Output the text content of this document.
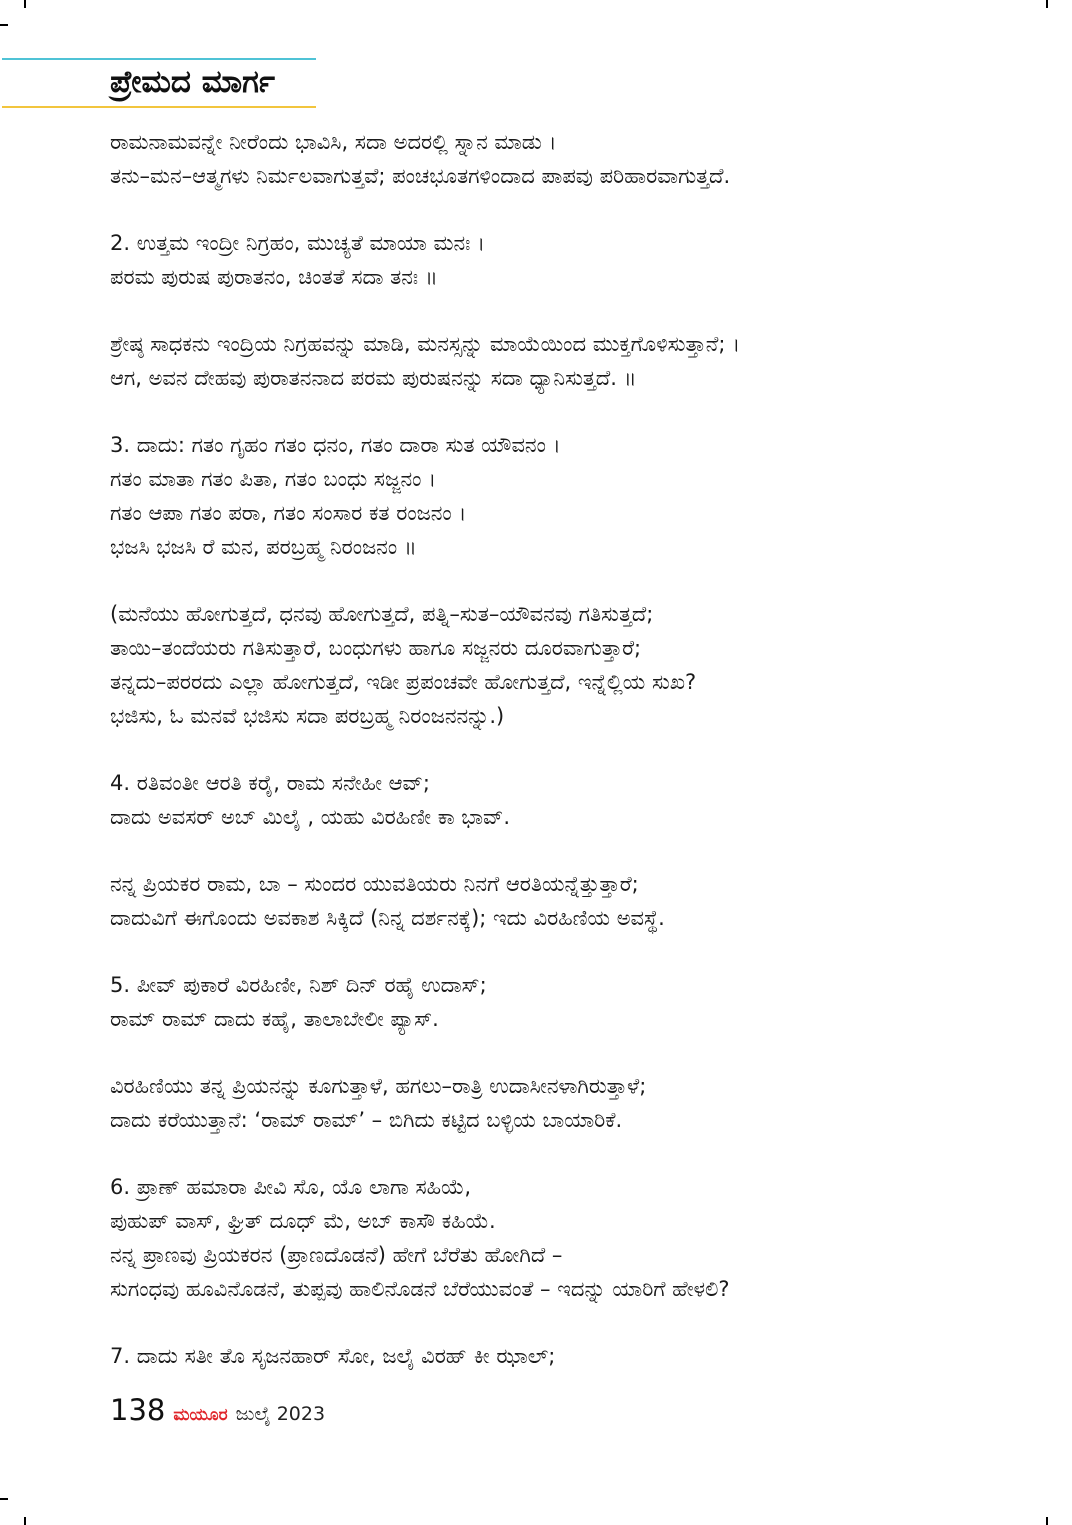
ಪ್ರೇಮದ ಮಾರ್ಗ
ರಾಮನಾಮವನ್ನೇ ನೀರೆಂದು ಭಾವಿಸಿ, ಸದಾ ಅದರಲ್ಲಿ ಸ್ನಾನ ಮಾಡು ।
ತನು–ಮನ–ಆತ್ಮಗಳು ನಿರ್ಮಲವಾಗುತ್ತವೆ; ಪಂಚಭೂತಗಳಿಂದಾದ ಪಾಪವು ಪರಿಹಾರವಾಗುತ್ತದೆ.
2. ಉತ್ತಮ ಇಂದ್ರೀ ನಿಗ್ರಹಂ, ಮುಚ್ಯತೆ ಮಾಯಾ ಮನಃ ।
ಪರಮ ಪುರುಷ ಪುರಾತನಂ, ಚಿಂತತೆ ಸದಾ ತನಃ ॥
ಶ್ರೇಷ್ಠ ಸಾಧಕನು ಇಂದ್ರಿಯ ನಿಗ್ರಹವನ್ನು ಮಾಡಿ, ಮನಸ್ಸನ್ನು ಮಾಯೆಯಿಂದ ಮುಕ್ತಗೊಳಿಸುತ್ತಾನೆ; ।
ಆಗ, ಅವನ ದೇಹವು ಪುರಾತನನಾದ ಪರಮ ಪುರುಷನನ್ನು ಸದಾ ಧ್ಯಾನಿಸುತ್ತದೆ. ॥
3. ದಾದು: ಗತಂ ಗೃಹಂ ಗತಂ ಧನಂ, ಗತಂ ದಾರಾ ಸುತ ಯೌವನಂ ।
ಗತಂ ಮಾತಾ ಗತಂ ಪಿತಾ, ಗತಂ ಬಂಧು ಸಜ್ಜನಂ ।
ಗತಂ ಆಪಾ ಗತಂ ಪರಾ, ಗತಂ ಸಂಸಾರ ಕತ ರಂಜನಂ ।
ಭಜಸಿ ಭಜಸಿ ರೆ ಮನ, ಪರಬ್ರಹ್ಮ ನಿರಂಜನಂ ॥
(ಮನೆಯು ಹೋಗುತ್ತದೆ, ಧನವು ಹೋಗುತ್ತದೆ, ಪತ್ನಿ–ಸುತ–ಯೌವನವು ಗತಿಸುತ್ತದೆ;
ತಾಯಿ–ತಂದೆಯರು ಗತಿಸುತ್ತಾರೆ, ಬಂಧುಗಳು ಹಾಗೂ ಸಜ್ಜನರು ದೂರವಾಗುತ್ತಾರೆ;
ತನ್ನದು–ಪರರದು ಎಲ್ಲಾ ಹೋಗುತ್ತದೆ, ಇಡೀ ಪ್ರಪಂಚವೇ ಹೋಗುತ್ತದೆ, ಇನ್ನೆಲ್ಲಿಯ ಸುಖ?
ಭಜಿಸು, ಓ ಮನವೆ ಭಜಿಸು ಸದಾ ಪರಬ್ರಹ್ಮ ನಿರಂಜನನನ್ನು.)
4. ರತಿವಂತೀ ಆರತಿ ಕರೈ, ರಾಮ ಸನೇಹೀ ಆವ್;
ದಾದು ಅವಸರ್ ಅಬ್ ಮಿಲೈ , ಯಹು ವಿರಹಿಣೀ ಕಾ ಭಾವ್.
ನನ್ನ ಪ್ರಿಯಕರ ರಾಮ, ಬಾ – ಸುಂದರ ಯುವತಿಯರು ನಿನಗೆ ಆರತಿಯನ್ನೆತ್ತುತ್ತಾರೆ;
ದಾದುವಿಗೆ ಈಗೊಂದು ಅವಕಾಶ ಸಿಕ್ಕಿದೆ (ನಿನ್ನ ದರ್ಶನಕ್ಕೆ); ಇದು ವಿರಹಿಣಿಯ ಅವಸ್ಥೆ.
5. ಪೀವ್ ಪುಕಾರೆ ವಿರಹಿಣೀ, ನಿಶ್ ದಿನ್ ರಹೈ ಉದಾಸ್;
ರಾಮ್ ರಾಮ್ ದಾದು ಕಹೈ, ತಾಲಾಬೇಲೀ ಪ್ಯಾಸ್.
ವಿರಹಿಣಿಯು ತನ್ನ ಪ್ರಿಯನನ್ನು ಕೂಗುತ್ತಾಳೆ, ಹಗಲು–ರಾತ್ರಿ ಉದಾಸೀನಳಾಗಿರುತ್ತಾಳೆ;
ದಾದು ಕರೆಯುತ್ತಾನೆ: ‘ರಾಮ್ ರಾಮ್’ – ಬಿಗಿದು ಕಟ್ಟಿದ ಬಳ್ಳಿಯ ಬಾಯಾರಿಕೆ.
6. ಪ್ರಾಣ್ ಹಮಾರಾ ಪೀವಿ ಸೊ, ಯೊ ಲಾಗಾ ಸಹಿಯೆ,
ಪುಹುಪ್ ವಾಸ್, ಘ್ರಿತ್ ದೂಧ್ ಮೆ, ಅಬ್ ಕಾಸೌ ಕಹಿಯೆ.
ನನ್ನ ಪ್ರಾಣವು ಪ್ರಿಯಕರನ (ಪ್ರಾಣದೊಡನೆ) ಹೇಗೆ ಬೆರೆತು ಹೋಗಿದೆ –
ಸುಗಂಧವು ಹೂವಿನೊಡನೆ, ತುಪ್ಪವು ಹಾಲಿನೊಡನೆ ಬೆರೆಯುವಂತೆ – ಇದನ್ನು ಯಾರಿಗೆ ಹೇಳಲಿ?
7. ದಾದು ಸತೀ ತೊ ಸೃಜನಹಾರ್ ಸೋ, ಜಲೈ ವಿರಹ್ ಕೀ ಝಾಲ್;
138 ಮಯೂರ ಜುಲೈ 2023
